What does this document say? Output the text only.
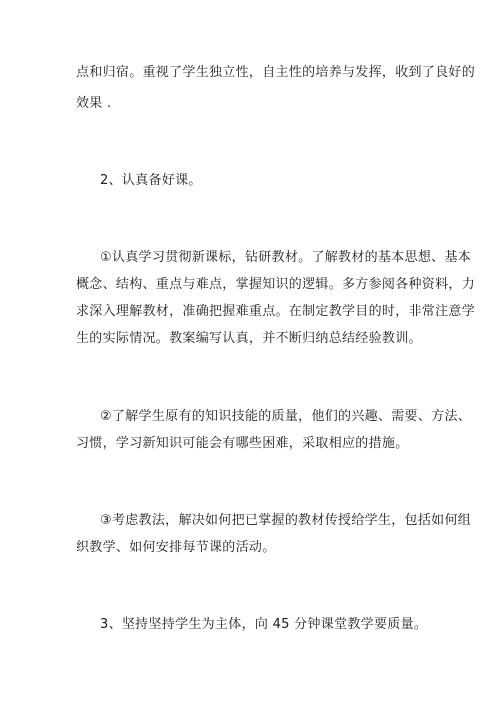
点和归宿。重视了学生独立性，自主性的培养与发挥，收到了良好的
效果 .
2、认真备好课。
①认真学习贯彻新课标，钻研教材。了解教材的基本思想、基本
概念、结构、重点与难点，掌握知识的逻辑。多方参阅各种资料，力
求深入理解教材，准确把握难重点。在制定教学目的时，非常注意学
生的实际情况。教案编写认真，并不断归纳总结经验教训。
②了解学生原有的知识技能的质量，他们的兴趣、需要、方法、
习惯，学习新知识可能会有哪些困难，采取相应的措施。
③考虑教法，解决如何把已掌握的教材传授给学生，包括如何组
织教学、如何安排每节课的活动。
3、坚持坚持学生为主体，向 45 分钟课堂教学要质量。
